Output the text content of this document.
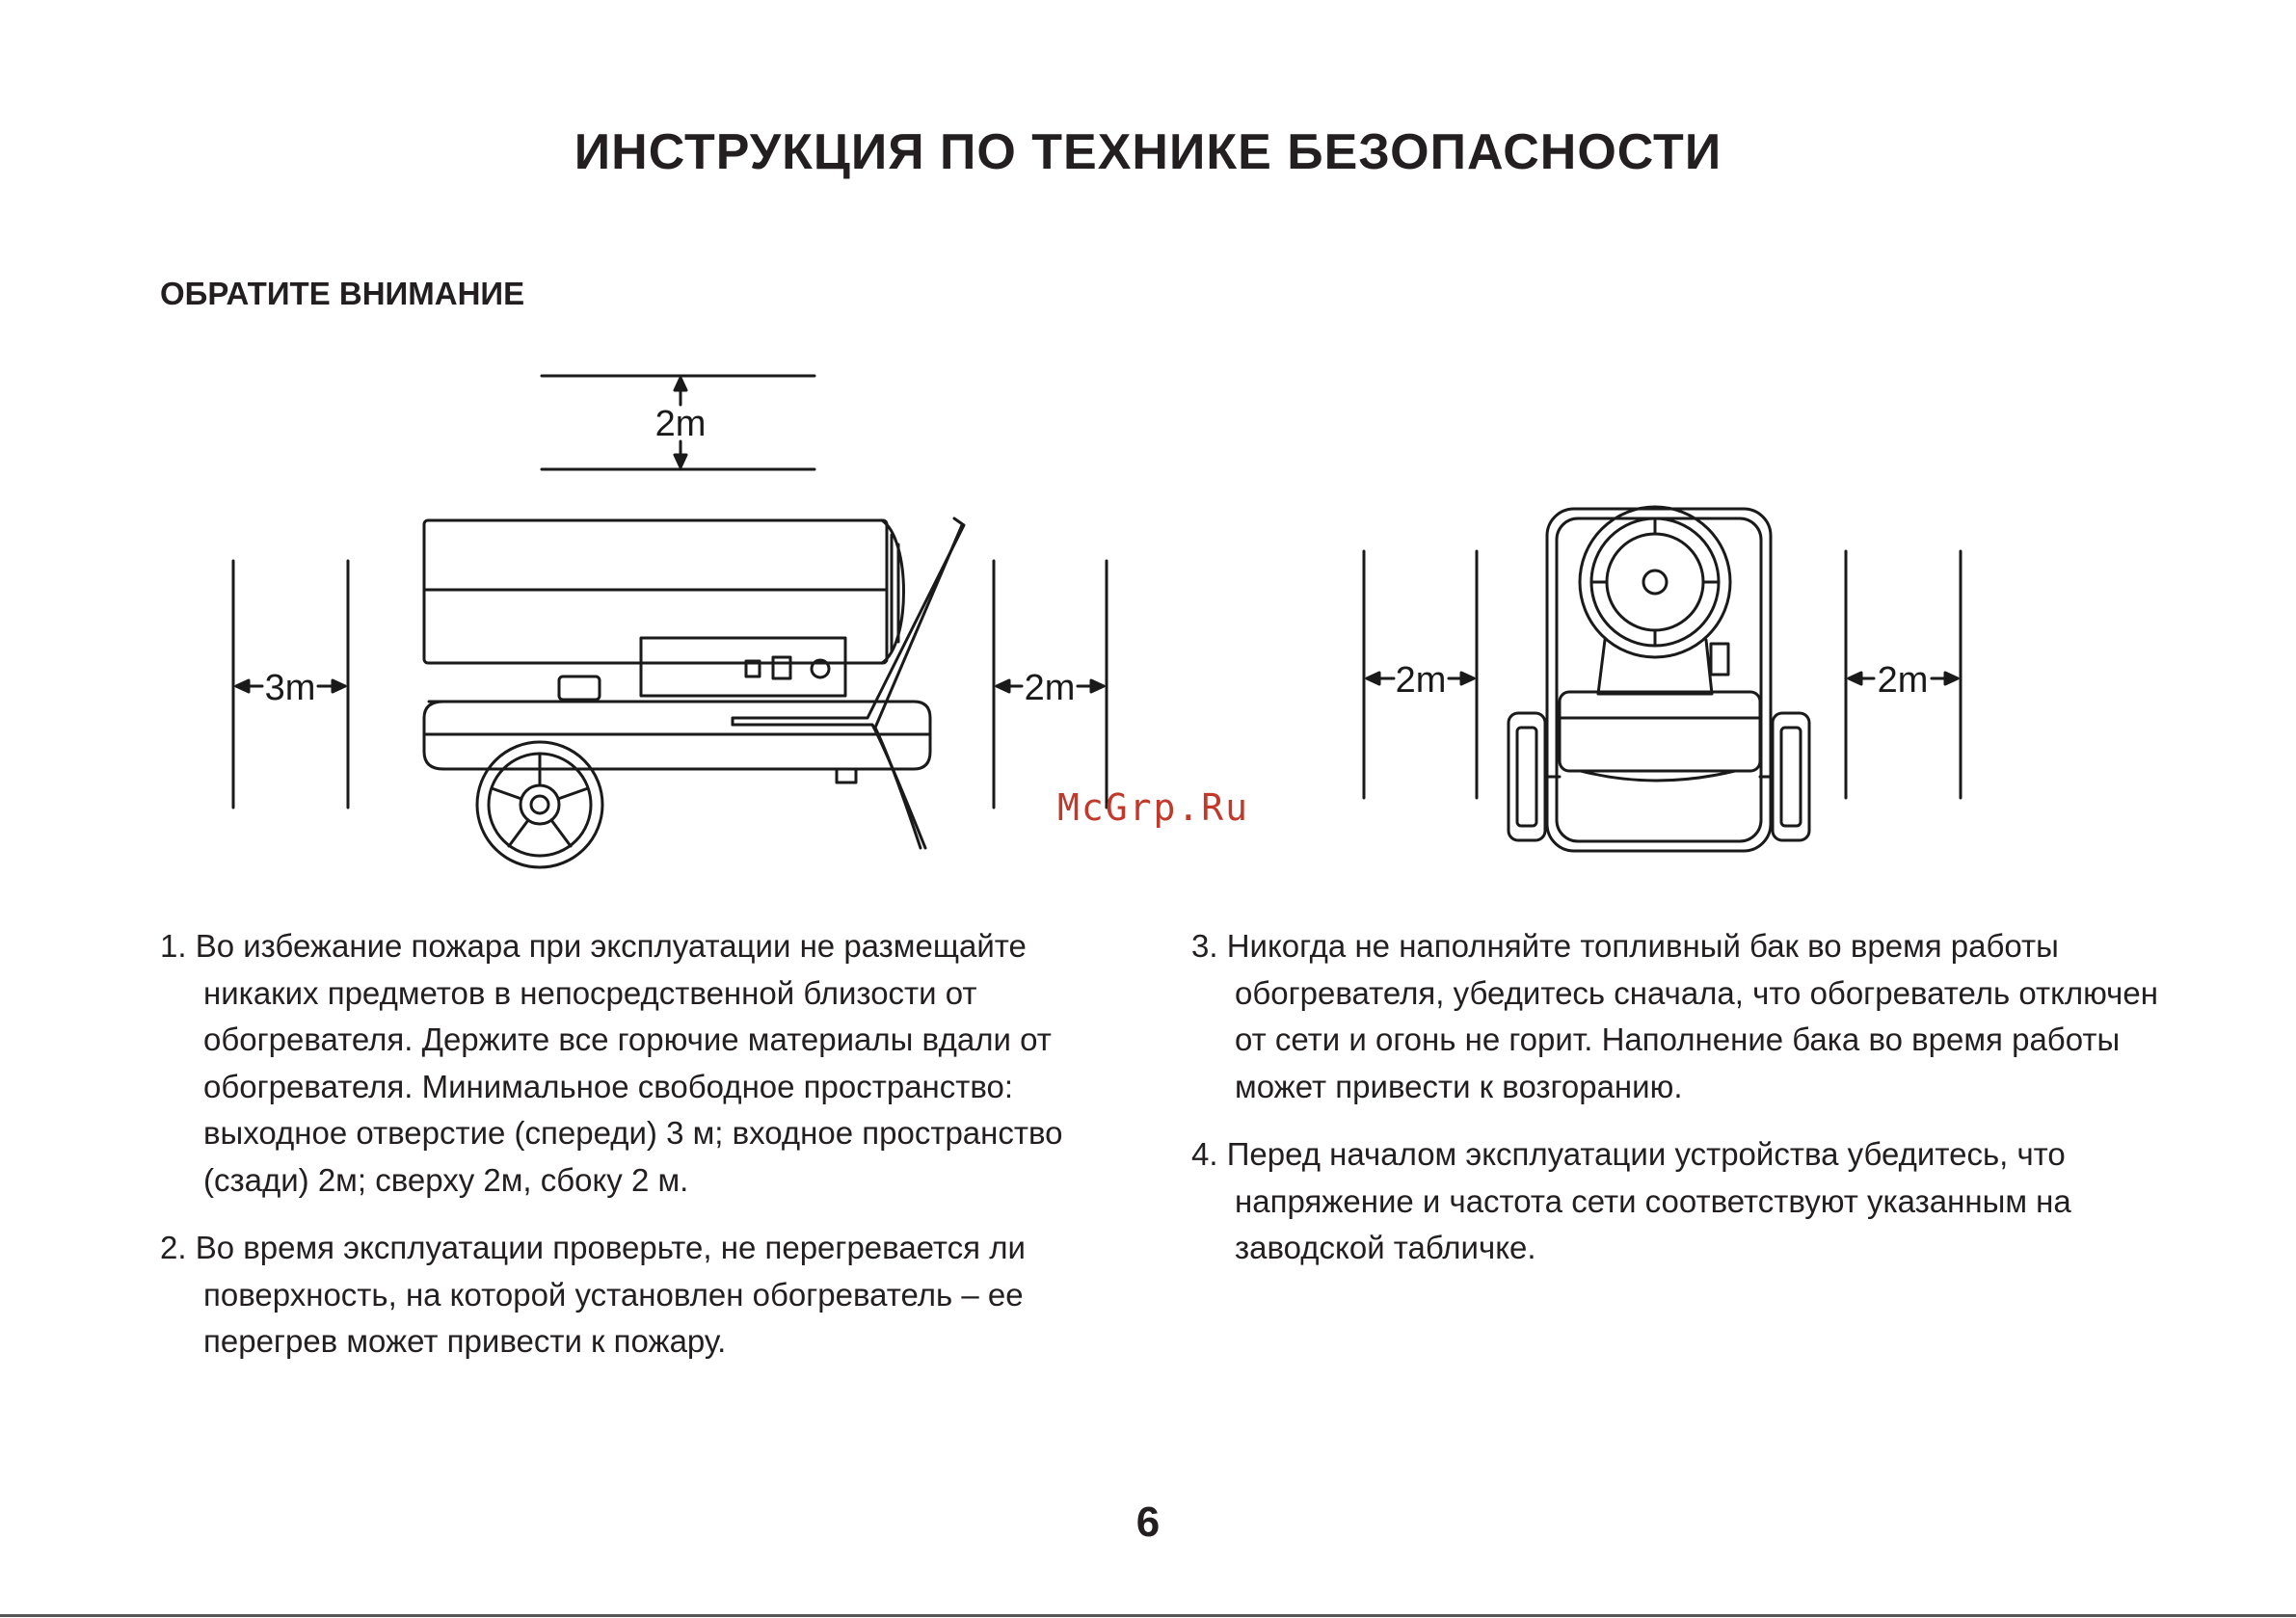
ИНСТРУКЦИЯ ПО ТЕХНИКЕ БЕЗОПАСНОСТИ
ОБРАТИТЕ ВНИМАНИЕ
2m
3m	2m	2m	2m
McGrp.Ru
1. Во избежание пожара при эксплуатации не размещайте никаких предметов в непосредственной близости от обогревателя. Держите все горючие материалы вдали от обогревателя. Минимальное свободное пространство: выходное отверстие (спереди) 3 м; входное пространство (сзади) 2м; сверху 2м, сбоку 2 м.
2. Во время эксплуатации проверьте, не перегревается ли поверхность, на которой установлен обогреватель – ее перегрев может привести к пожару.
3. Никогда не наполняйте топливный бак во время работы обогревателя, убедитесь сначала, что обогреватель отключен от сети и огонь не горит. Наполнение бака во время работы может привести к возгоранию.
4. Перед началом эксплуатации устройства убедитесь, что напряжение и частота сети соответствуют указанным на заводской табличке.
6
